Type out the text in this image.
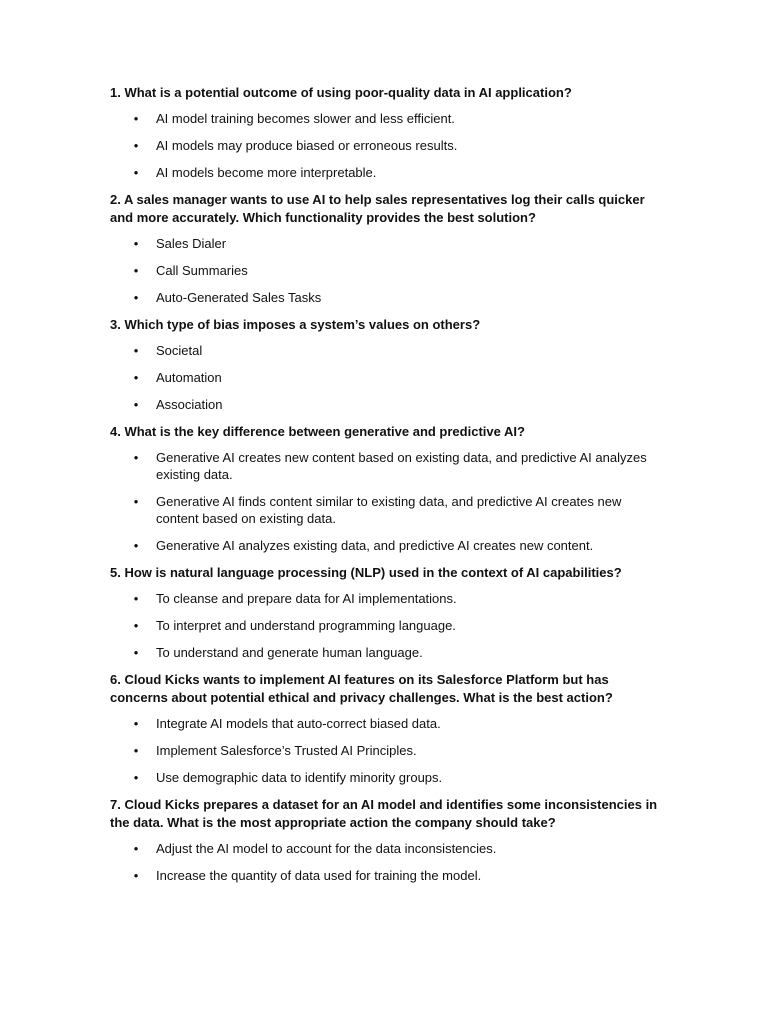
1. What is a potential outcome of using poor-quality data in AI application?
• AI model training becomes slower and less efficient.
• AI models may produce biased or erroneous results.
• AI models become more interpretable.
2. A sales manager wants to use AI to help sales representatives log their calls quicker and more accurately. Which functionality provides the best solution?
• Sales Dialer
• Call Summaries
• Auto-Generated Sales Tasks
3. Which type of bias imposes a system’s values on others?
• Societal
• Automation
• Association
4. What is the key difference between generative and predictive AI?
• Generative AI creates new content based on existing data, and predictive AI analyzes existing data.
• Generative AI finds content similar to existing data, and predictive AI creates new content based on existing data.
• Generative AI analyzes existing data, and predictive AI creates new content.
5. How is natural language processing (NLP) used in the context of AI capabilities?
• To cleanse and prepare data for AI implementations.
• To interpret and understand programming language.
• To understand and generate human language.
6. Cloud Kicks wants to implement AI features on its Salesforce Platform but has concerns about potential ethical and privacy challenges. What is the best action?
• Integrate AI models that auto-correct biased data.
• Implement Salesforce’s Trusted AI Principles.
• Use demographic data to identify minority groups.
7. Cloud Kicks prepares a dataset for an AI model and identifies some inconsistencies in the data. What is the most appropriate action the company should take?
• Adjust the AI model to account for the data inconsistencies.
• Increase the quantity of data used for training the model.
